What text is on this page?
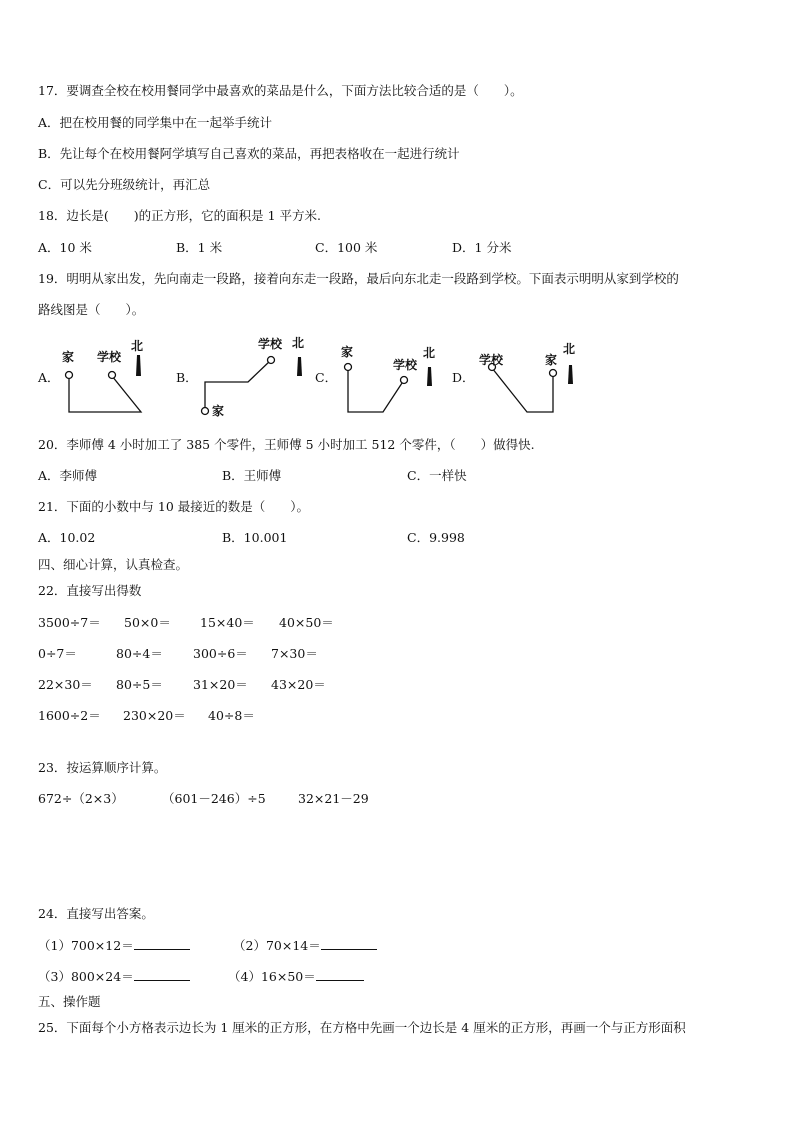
17．要调查全校在校用餐同学中最喜欢的菜品是什么，下面方法比较合适的是（　　）。
A．把在校用餐的同学集中在一起举手统计
B．先让每个在校用餐阿学填写自己喜欢的菜品，再把表格收在一起进行统计
C．可以先分班级统计，再汇总
18．边长是(　　)的正方形，它的面积是 1 平方米.
A．10 米	B．1 米	C．100 米	D．1 分米
19．明明从家出发，先向南走一段路，接着向东走一段路，最后向东北走一段路到学校。下面表示明明从家到学校的
路线图是（　　）。
A．	B．	C．	D．
家 学校
北
家
学校 北
家
学校
北	学校	家
北
20．李师傅 4 小时加工了 385 个零件，王师傅 5 小时加工 512 个零件，（　　）做得快.
A．李师傅	B．王师傅	C．一样快
21．下面的小数中与 10 最接近的数是（　　）。
A．10.02	B．10.001	C．9.998
四、细心计算，认真检查。
22．直接写出得数
3500÷7＝ 50×0＝ 15×40＝ 40×50＝
0÷7＝	80÷4＝ 300÷6＝ 7×30＝
22×30＝ 80÷5＝ 31×20＝ 43×20＝
1600÷2＝ 230×20＝ 40÷8＝
23．按运算顺序计算。
672÷（2×3）	（601－246）÷5	32×21－29
24．直接写出答案。
（1）700×12＝	（2）70×14＝
（3）800×24＝	（4）16×50＝
五、操作题
25．下面每个小方格表示边长为 1 厘米的正方形，在方格中先画一个边长是 4 厘米的正方形，再画一个与正方形面积
